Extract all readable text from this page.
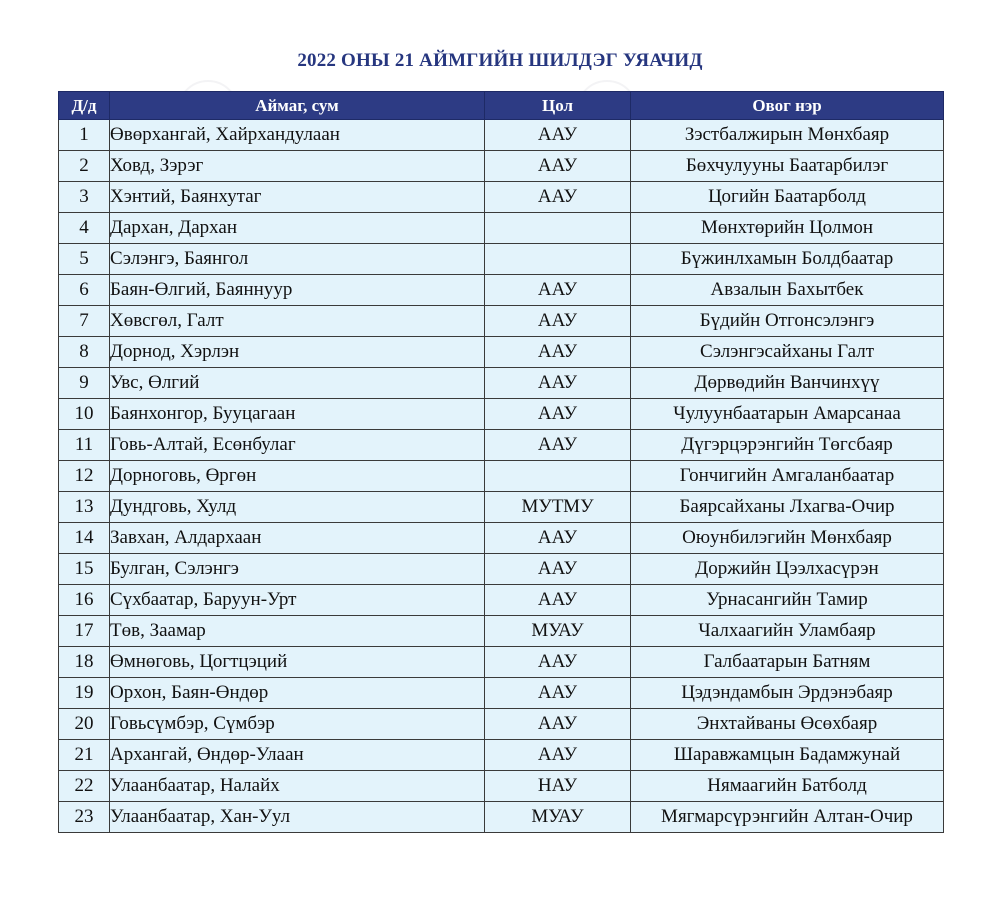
2022 ОНЫ 21 АЙМГИЙН ШИЛДЭГ УЯАЧИД
Д/д	Аймаг, сум	Цол	Овог нэр
1	Өвөрхангай, Хайрхандулаан	ААУ	Зэстбалжирын Мөнхбаяр
2	Ховд, Зэрэг	ААУ	Бөхчулууны Баатарбилэг
3	Хэнтий, Баянхутаг	ААУ	Цогийн Баатарболд
4	Дархан, Дархан		Мөнхтөрийн Цолмон
5	Сэлэнгэ, Баянгол		Бүжинлхамын Болдбаатар
6	Баян-Өлгий, Баяннуур	ААУ	Авзалын Бахытбек
7	Хөвсгөл, Галт	ААУ	Бүдийн Отгонсэлэнгэ
8	Дорнод, Хэрлэн	ААУ	Сэлэнгэсайханы Галт
9	Увс, Өлгий	ААУ	Дөрвөдийн Ванчинхүү
10	Баянхонгор, Бууцагаан	ААУ	Чулуунбаатарын Амарсанаа
11	Говь-Алтай, Есөнбулаг	ААУ	Дүгэрцэрэнгийн Төгсбаяр
12	Дорноговь, Өргөн		Гончигийн Амгаланбаатар
13	Дундговь, Хулд	МУТМУ	Баярсайханы Лхагва-Очир
14	Завхан, Алдархаан	ААУ	Оюунбилэгийн Мөнхбаяр
15	Булган, Сэлэнгэ	ААУ	Доржийн Цээлхасүрэн
16	Сүхбаатар, Баруун-Урт	ААУ	Урнасангийн Тамир
17	Төв, Заамар	МУАУ	Чалхаагийн Уламбаяр
18	Өмнөговь, Цогтцэций	ААУ	Галбаатарын Батням
19	Орхон, Баян-Өндөр	ААУ	Цэдэндамбын Эрдэнэбаяр
20	Говьсүмбэр, Сүмбэр	ААУ	Энхтайваны Өсөхбаяр
21	Архангай, Өндөр-Улаан	ААУ	Шаравжамцын Бадамжунай
22	Улаанбаатар, Налайх	НАУ	Нямаагийн Батболд
23	Улаанбаатар, Хан-Уул	МУАУ	Мягмарсүрэнгийн Алтан-Очир
